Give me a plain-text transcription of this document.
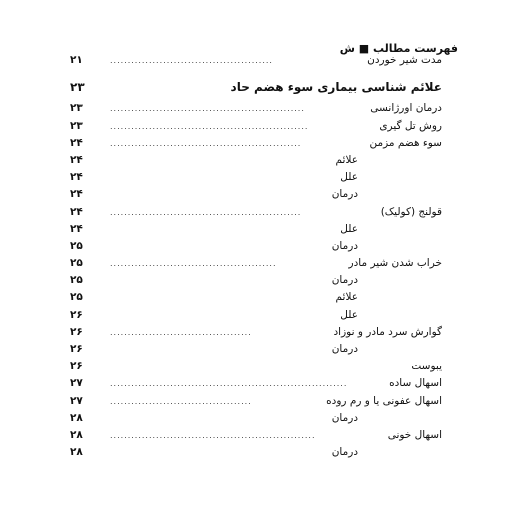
فهرست مطالب ■ ش
مدت شیر خوردن
..............................................
۲۱
علائم شناسی بیماری سوء هضم حاد
۲۳
درمان اورژانسی
.......................................................
۲۳
روش تل گیری
........................................................
۲۳
سوء هضم مزمن
......................................................
۲۴
علائم
۲۴
علل
۲۴
درمان
۲۴
قولنج (کولیک)
......................................................
۲۴
علل
۲۴
درمان
۲۵
خراب شدن شیر مادر
...............................................
۲۵
درمان
۲۵
علائم
۲۵
علل
۲۶
گوارش سرد مادر و نوزاد
........................................
۲۶
درمان
۲۶
یبوست
۲۶
اسهال ساده
...................................................................
۲۷
اسهال عفونی یا و رم روده
........................................
۲۷
درمان
۲۸
اسهال خونی
..........................................................
۲۸
درمان
۲۸
